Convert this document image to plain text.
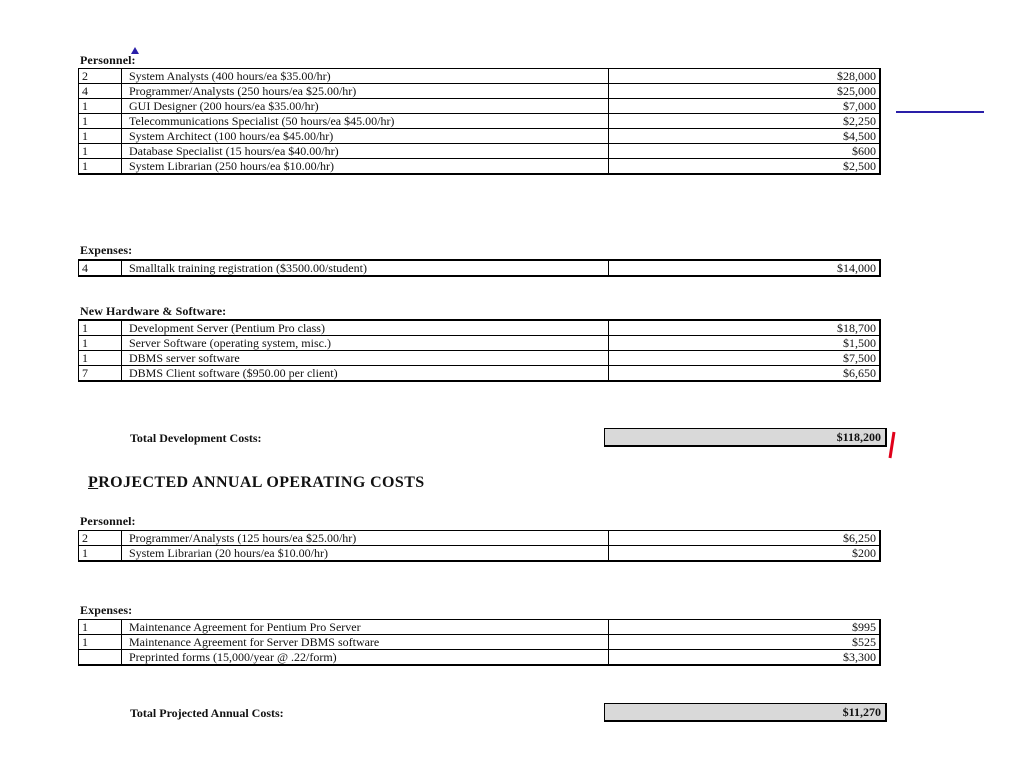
Personnel:
2	System Analysts (400 hours/ea $35.00/hr)	$28,000
4	Programmer/Analysts (250 hours/ea $25.00/hr)	$25,000
1	GUI Designer (200 hours/ea $35.00/hr)	$7,000
1	Telecommunications Specialist (50 hours/ea $45.00/hr)	$2,250
1	System Architect (100 hours/ea $45.00/hr)	$4,500
1	Database Specialist (15 hours/ea $40.00/hr)	$600
1	System Librarian (250 hours/ea $10.00/hr)	$2,500
Expenses:
4	Smalltalk training registration ($3500.00/student)	$14,000
New Hardware & Software:
1	Development Server (Pentium Pro class)	$18,700
1	Server Software (operating system, misc.)	$1,500
1	DBMS server software	$7,500
7	DBMS Client software ($950.00 per client)	$6,650
Total Development Costs:	$118,200
PROJECTED ANNUAL OPERATING COSTS
Personnel:
2	Programmer/Analysts (125 hours/ea $25.00/hr)	$6,250
1	System Librarian (20 hours/ea $10.00/hr)	$200
Expenses:
1	Maintenance Agreement for Pentium Pro Server	$995
1	Maintenance Agreement for Server DBMS software	$525
	Preprinted forms (15,000/year @ .22/form)	$3,300
Total Projected Annual Costs:	$11,270
